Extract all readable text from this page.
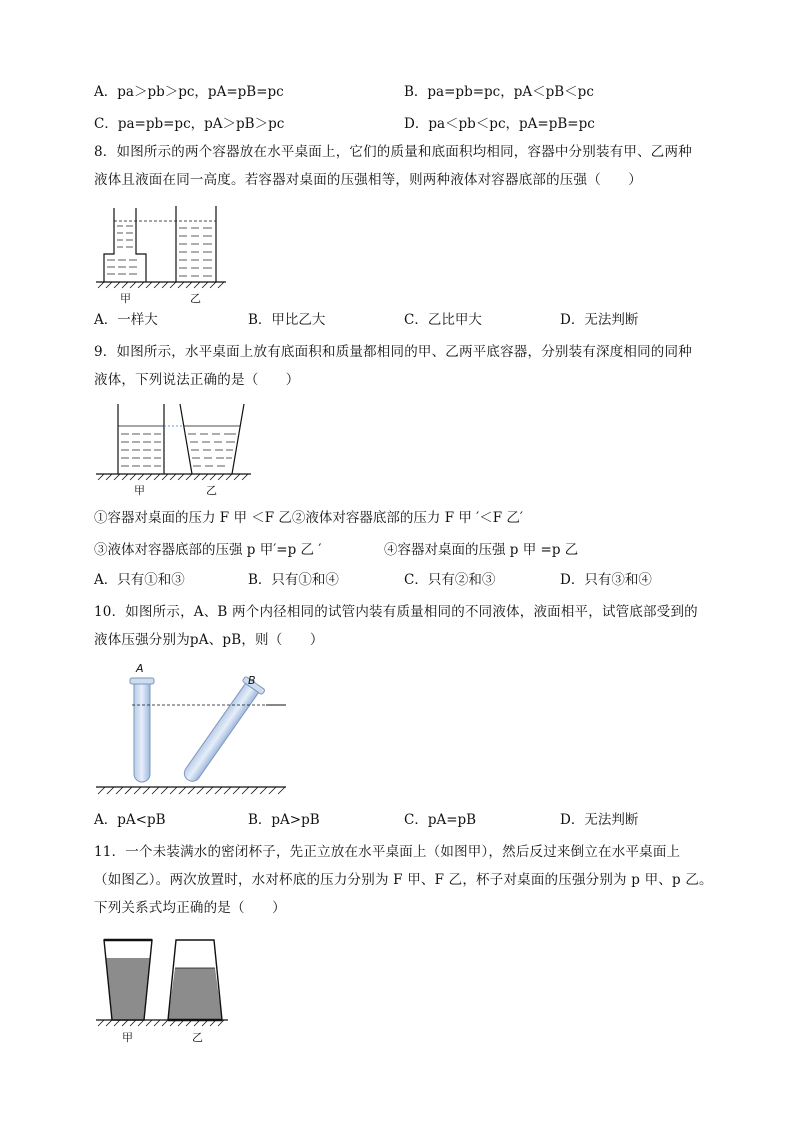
A．pa＞pb＞pc，pA=pB=pc	B．pa=pb=pc，pA＜pB＜pc
C．pa=pb=pc，pA＞pB＞pc	D．pa＜pb＜pc，pA=pB=pc
8．如图所示的两个容器放在水平桌面上，它们的质量和底面积均相同，容器中分别装有甲、乙两种
液体且液面在同一高度。若容器对桌面的压强相等，则两种液体对容器底部的压强（　　）
甲	乙
A．一样大	B．甲比乙大	C．乙比甲大	D．无法判断
9．如图所示，水平桌面上放有底面积和质量都相同的甲、乙两平底容器，分别装有深度相同的同种
液体，下列说法正确的是（　　）
甲	乙
①容器对桌面的压力 F 甲 ＜F 乙②液体对容器底部的压力 F 甲 ′＜F 乙′
③液体对容器底部的压强 p 甲′=p 乙 ′	④容器对桌面的压强 p 甲 =p 乙
A．只有①和③	B．只有①和④	C．只有②和③	D．只有③和④
10．如图所示，A、B 两个内径相同的试管内装有质量相同的不同液体，液面相平，试管底部受到的
液体压强分别为pA、pB，则（　　）
A
B
A．pA<pB	B．pA>pB	C．pA=pB	D．无法判断
11．一个未装满水的密闭杯子，先正立放在水平桌面上（如图甲），然后反过来倒立在水平桌面上
（如图乙）。两次放置时，水对杯底的压力分别为 F 甲、F 乙，杯子对桌面的压强分别为 p 甲、p 乙。
下列关系式均正确的是（　　）
甲	乙
